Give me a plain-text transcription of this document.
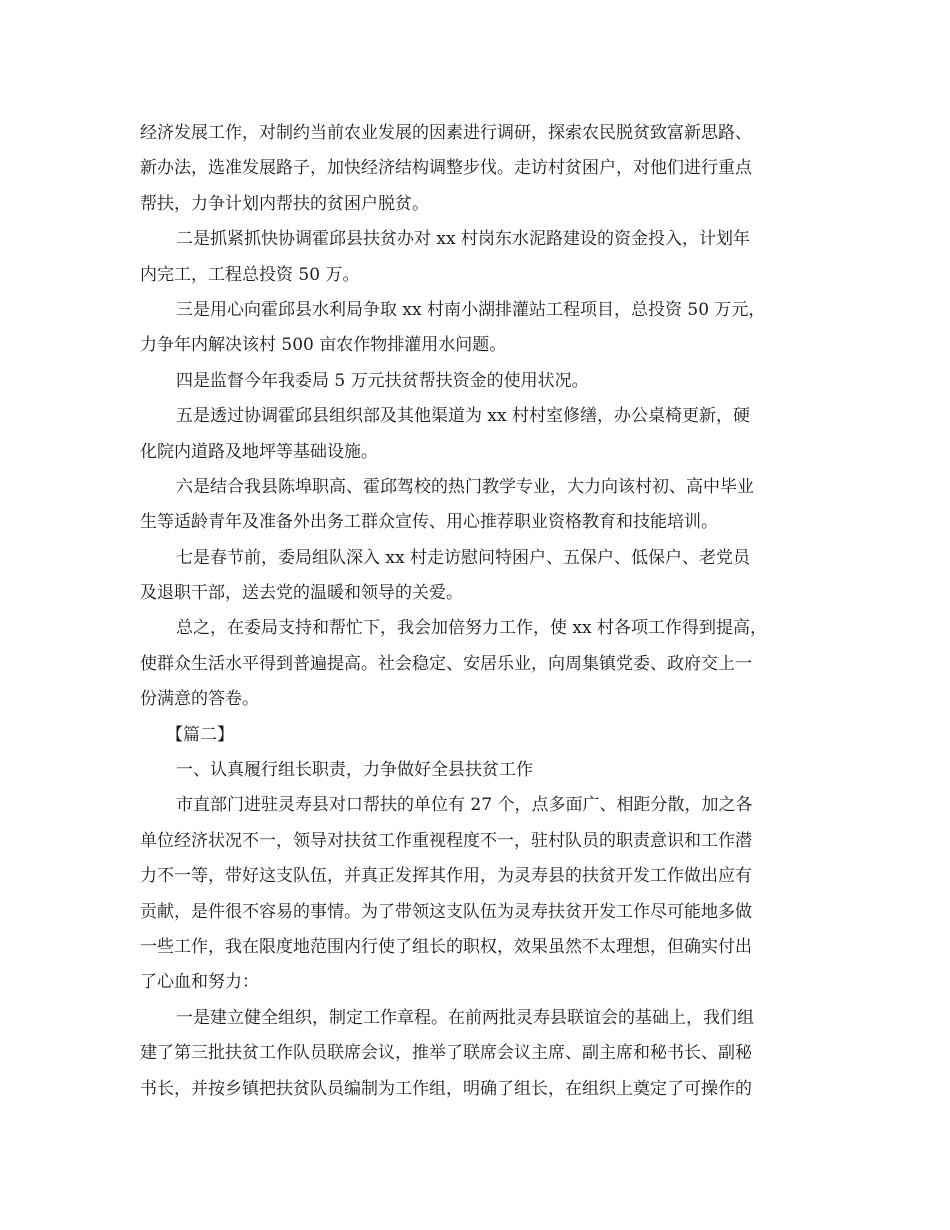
经济发展工作，对制约当前农业发展的因素进行调研，探索农民脱贫致富新思路、
新办法，选准发展路子，加快经济结构调整步伐。走访村贫困户，对他们进行重点
帮扶，力争计划内帮扶的贫困户脱贫。
二是抓紧抓快协调霍邱县扶贫办对 xx 村岗东水泥路建设的资金投入，计划年
内完工，工程总投资 50 万。
三是用心向霍邱县水利局争取 xx 村南小湖排灌站工程项目，总投资 50 万元，
力争年内解决该村 500 亩农作物排灌用水问题。
四是监督今年我委局 5 万元扶贫帮扶资金的使用状况。
五是透过协调霍邱县组织部及其他渠道为 xx 村村室修缮，办公桌椅更新，硬
化院内道路及地坪等基础设施。
六是结合我县陈埠职高、霍邱驾校的热门教学专业，大力向该村初、高中毕业
生等适龄青年及准备外出务工群众宣传、用心推荐职业资格教育和技能培训。
七是春节前，委局组队深入 xx 村走访慰问特困户、五保户、低保户、老党员
及退职干部，送去党的温暖和领导的关爱。
总之，在委局支持和帮忙下，我会加倍努力工作，使 xx 村各项工作得到提高，
使群众生活水平得到普遍提高。社会稳定、安居乐业，向周集镇党委、政府交上一
份满意的答卷。
【篇二】
一、认真履行组长职责，力争做好全县扶贫工作
市直部门进驻灵寿县对口帮扶的单位有 27 个，点多面广、相距分散，加之各
单位经济状况不一，领导对扶贫工作重视程度不一，驻村队员的职责意识和工作潜
力不一等，带好这支队伍，并真正发挥其作用，为灵寿县的扶贫开发工作做出应有
贡献，是件很不容易的事情。为了带领这支队伍为灵寿扶贫开发工作尽可能地多做
一些工作，我在限度地范围内行使了组长的职权，效果虽然不太理想，但确实付出
了心血和努力：
一是建立健全组织，制定工作章程。在前两批灵寿县联谊会的基础上，我们组
建了第三批扶贫工作队员联席会议，推举了联席会议主席、副主席和秘书长、副秘
书长，并按乡镇把扶贫队员编制为工作组，明确了组长，在组织上奠定了可操作的
